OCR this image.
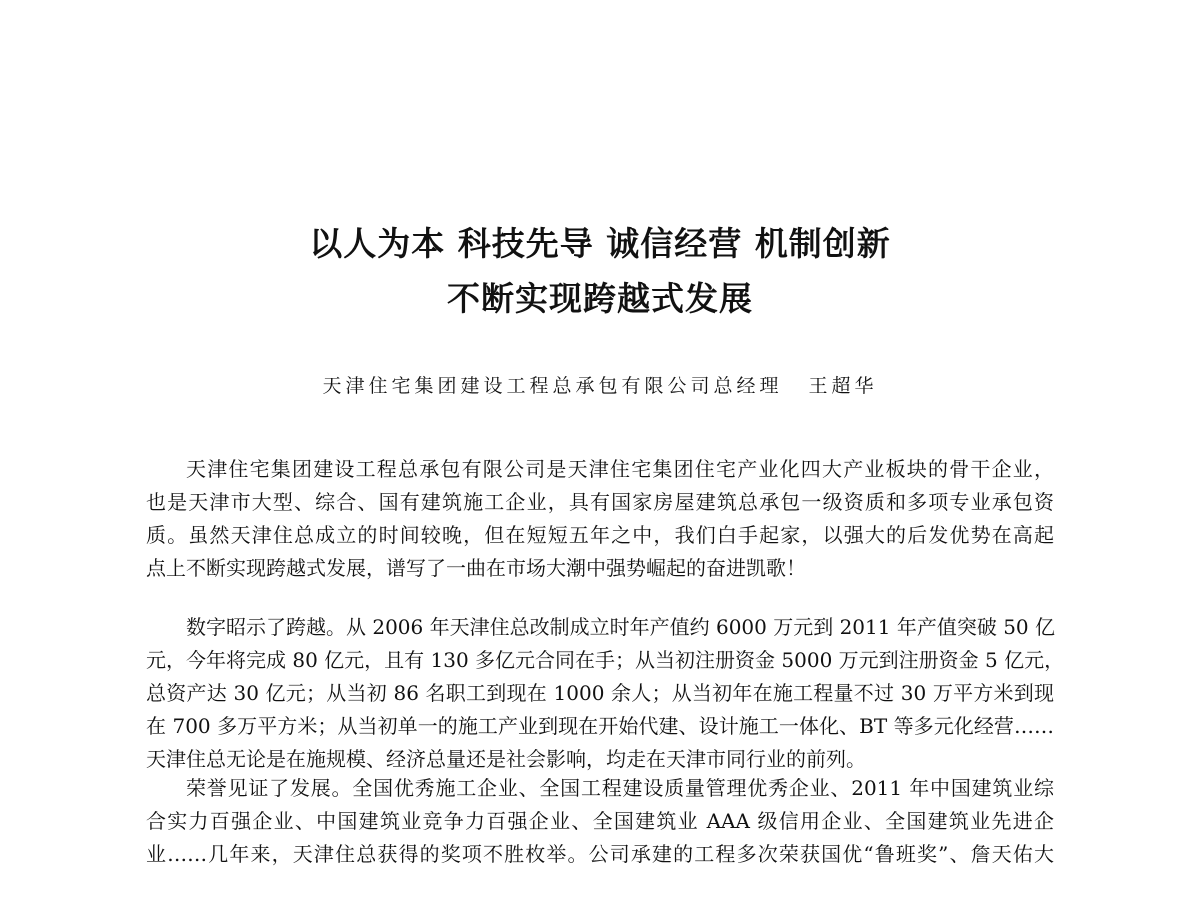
以人为本 科技先导 诚信经营 机制创新
不断实现跨越式发展
天津住宅集团建设工程总承包有限公司总经理 王超华
天津住宅集团建设工程总承包有限公司是天津住宅集团住宅产业化四大产业板块的骨干企业，
也是天津市大型、综合、国有建筑施工企业，具有国家房屋建筑总承包一级资质和多项专业承包资
质。虽然天津住总成立的时间较晚，但在短短五年之中，我们白手起家，以强大的后发优势在高起
点上不断实现跨越式发展，谱写了一曲在市场大潮中强势崛起的奋进凯歌！
数字昭示了跨越。从 2006 年天津住总改制成立时年产值约 6000 万元到 2011 年产值突破 50 亿
元，今年将完成 80 亿元，且有 130 多亿元合同在手；从当初注册资金 5000 万元到注册资金 5 亿元，
总资产达 30 亿元；从当初 86 名职工到现在 1000 余人；从当初年在施工程量不过 30 万平方米到现
在 700 多万平方米；从当初单一的施工产业到现在开始代建、设计施工一体化、BT 等多元化经营……
天津住总无论是在施规模、经济总量还是社会影响，均走在天津市同行业的前列。
荣誉见证了发展。全国优秀施工企业、全国工程建设质量管理优秀企业、2011 年中国建筑业综
合实力百强企业、中国建筑业竞争力百强企业、全国建筑业 AAA 级信用企业、全国建筑业先进企
业……几年来，天津住总获得的奖项不胜枚举。公司承建的工程多次荣获国优“鲁班奖”、詹天佑大
